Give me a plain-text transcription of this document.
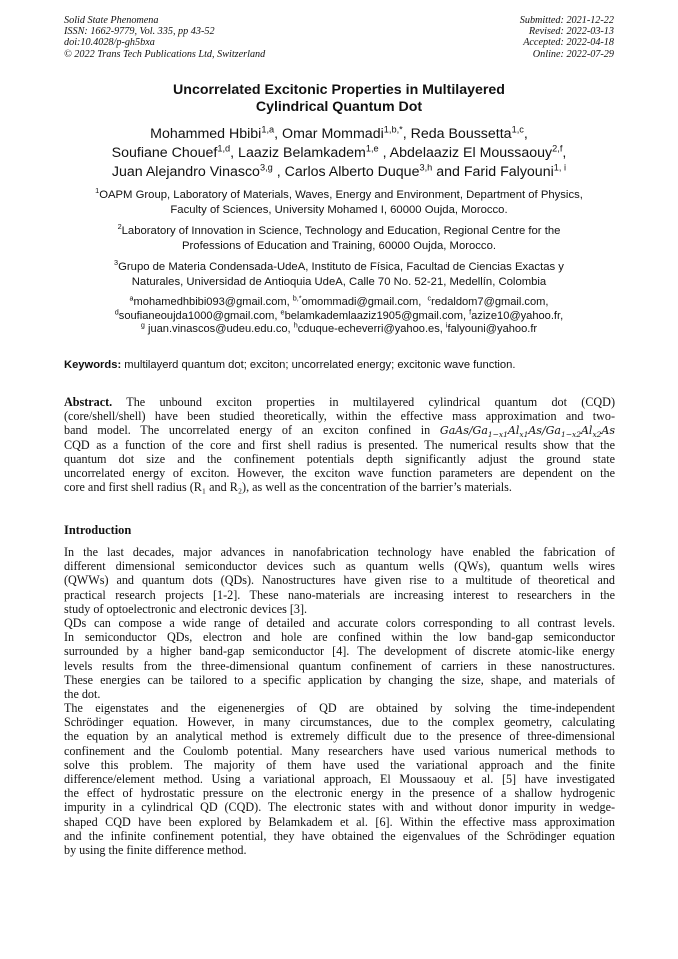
Solid State Phenomena
ISSN: 1662-9779, Vol. 335, pp 43-52
doi:10.4028/p-gh5bxa
© 2022 Trans Tech Publications Ltd, Switzerland
Submitted: 2021-12-22
Revised: 2022-03-13
Accepted: 2022-04-18
Online: 2022-07-29
Uncorrelated Excitonic Properties in Multilayered
Cylindrical Quantum Dot
Mohammed Hbibi$^{1,a}$, Omar Mommadi$^{1,b,*}$, Reda Boussetta$^{1,c}$,
Soufiane Chouef$^{1,d}$, Laaziz Belamkadem$^{1,e}$ , Abdelaaziz El Moussaouy$^{2,f}$,
Juan Alejandro Vinasco$^{3,g}$ , Carlos Alberto Duque$^{3,h}$ and Farid Falyouni$^{1, i}$
$^1$OAPM Group, Laboratory of Materials, Waves, Energy and Environment, Department of Physics,
Faculty of Sciences, University Mohamed I, 60000 Oujda, Morocco.
$^2$Laboratory of Innovation in Science, Technology and Education, Regional Centre for the
Professions of Education and Training, 60000 Oujda, Morocco.
$^3$Grupo de Materia Condensada-UdeA, Instituto de Física, Facultad de Ciencias Exactas y
Naturales, Universidad de Antioquia UdeA, Calle 70 No. 52-21, Medellín, Colombia
$^a$mohamedhbibi093@gmail.com, $^{b,*}$omommadi@gmail.com,  $^c$redaldom7@gmail.com,
$^d$soufianeoujda1000@gmail.com, $^e$belamkademlaaziz1905@gmail.com, $^f$azize10@yahoo.fr,
$^g$ juan.vinascos@udeu.edu.co, $^h$cduque-echeverri@yahoo.es, $^i$falyouni@yahoo.fr
Keywords: multilayerd quantum dot; exciton; uncorrelated energy; excitonic wave function.
Abstract. The unbound exciton properties in multilayered cylindrical quantum dot (CQD)
(core/shell/shell) have been studied theoretically, within the effective mass approximation and two-
band model. The uncorrelated energy of an exciton confined in GaAs/$Ga_{1-x1}Al_{x1}As/Ga_{1-x2}Al_{x2}As$
CQD as a function of the core and first shell radius is presented. The numerical results show that the
quantum dot size and the confinement potentials depth significantly adjust the ground state
uncorrelated energy of exciton. However, the exciton wave function parameters are dependent on the
core and first shell radius (R₁ and R₂), as well as the concentration of the barrier’s materials.
Introduction
In the last decades, major advances in nanofabrication technology have enabled the fabrication of
different dimensional semiconductor devices such as quantum wells (QWs), quantum wells wires
(QWWs) and quantum dots (QDs). Nanostructures have given rise to a multitude of theoretical and
practical research projects [1-2]. These nano-materials are increasing interest to researchers in the
study of optoelectronic and electronic devices [3].
QDs can compose a wide range of detailed and accurate colors corresponding to all contrast levels.
In semiconductor QDs, electron and hole are confined within the low band-gap semiconductor
surrounded by a higher band-gap semiconductor [4]. The development of discrete atomic-like energy
levels results from the three-dimensional quantum confinement of carriers in these nanostructures.
These energies can be tailored to a specific application by changing the size, shape, and materials of
the dot.
The eigenstates and the eigenenergies of QD are obtained by solving the time-independent
Schrödinger equation. However, in many circumstances, due to the complex geometry, calculating
the equation by an analytical method is extremely difficult due to the presence of three-dimensional
confinement and the Coulomb potential. Many researchers have used various numerical methods to
solve this problem. The majority of them have used the variational approach and the finite
difference/element method. Using a variational approach, El Moussaouy et al. [5] have investigated
the effect of hydrostatic pressure on the electronic energy in the presence of a shallow hydrogenic
impurity in a cylindrical QD (CQD). The electronic states with and without donor impurity in wedge-
shaped CQD have been explored by Belamkadem et al. [6]. Within the effective mass approximation
and the infinite confinement potential, they have obtained the eigenvalues of the Schrödinger equation
by using the finite difference method.
